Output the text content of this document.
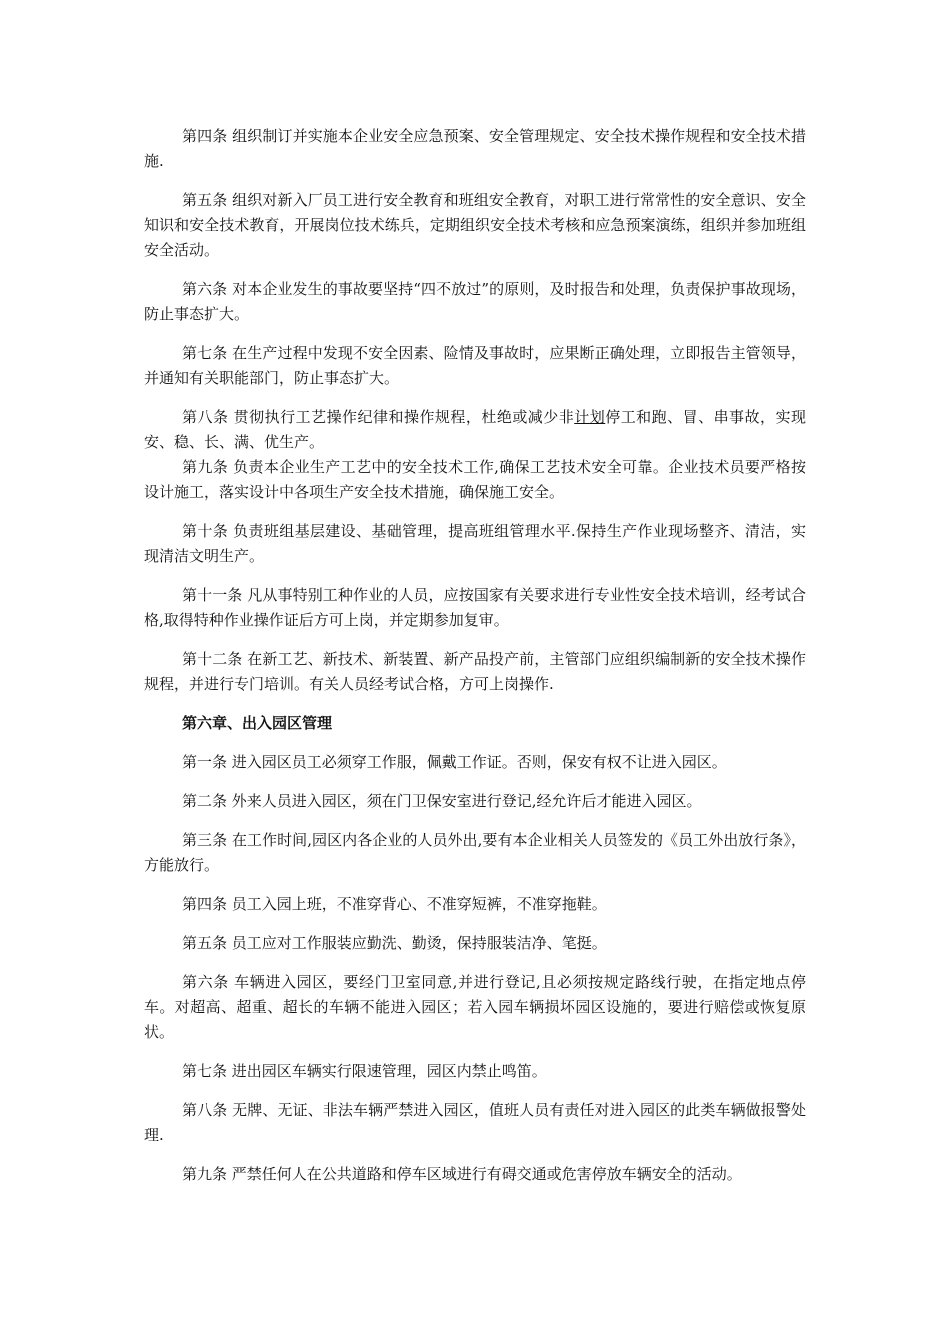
第四条 组织制订并实施本企业安全应急预案、安全管理规定、安全技术操作规程和安全技术措施.

第五条 组织对新入厂员工进行安全教育和班组安全教育，对职工进行常常性的安全意识、安全知识和安全技术教育，开展岗位技术练兵，定期组织安全技术考核和应急预案演练，组织并参加班组安全活动。

第六条 对本企业发生的事故要坚持“四不放过”的原则，及时报告和处理，负责保护事故现场，防止事态扩大。

第七条 在生产过程中发现不安全因素、险情及事故时，应果断正确处理，立即报告主管领导，并通知有关职能部门，防止事态扩大。

第八条 贯彻执行工艺操作纪律和操作规程，杜绝或减少非计划停工和跑、冒、串事故，实现安、稳、长、满、优生产。

第九条 负责本企业生产工艺中的安全技术工作,确保工艺技术安全可靠。企业技术员要严格按设计施工，落实设计中各项生产安全技术措施，确保施工安全。

第十条 负责班组基层建设、基础管理，提高班组管理水平.保持生产作业现场整齐、清洁，实现清洁文明生产。

第十一条 凡从事特别工种作业的人员，应按国家有关要求进行专业性安全技术培训，经考试合格,取得特种作业操作证后方可上岗，并定期参加复审。

第十二条 在新工艺、新技术、新装置、新产品投产前，主管部门应组织编制新的安全技术操作规程，并进行专门培训。有关人员经考试合格，方可上岗操作.

第六章、出入园区管理

第一条 进入园区员工必须穿工作服，佩戴工作证。否则，保安有权不让进入园区。

第二条 外来人员进入园区，须在门卫保安室进行登记,经允许后才能进入园区。

第三条 在工作时间,园区内各企业的人员外出,要有本企业相关人员签发的《员工外出放行条》，方能放行。

第四条 员工入园上班，不准穿背心、不准穿短裤，不准穿拖鞋。

第五条 员工应对工作服装应勤洗、勤烫，保持服装洁净、笔挺。

第六条 车辆进入园区，要经门卫室同意,并进行登记,且必须按规定路线行驶，在指定地点停车。对超高、超重、超长的车辆不能进入园区；若入园车辆损坏园区设施的，要进行赔偿或恢复原状。

第七条 进出园区车辆实行限速管理，园区内禁止鸣笛。

第八条 无牌、无证、非法车辆严禁进入园区，值班人员有责任对进入园区的此类车辆做报警处理.

第九条 严禁任何人在公共道路和停车区域进行有碍交通或危害停放车辆安全的活动。
